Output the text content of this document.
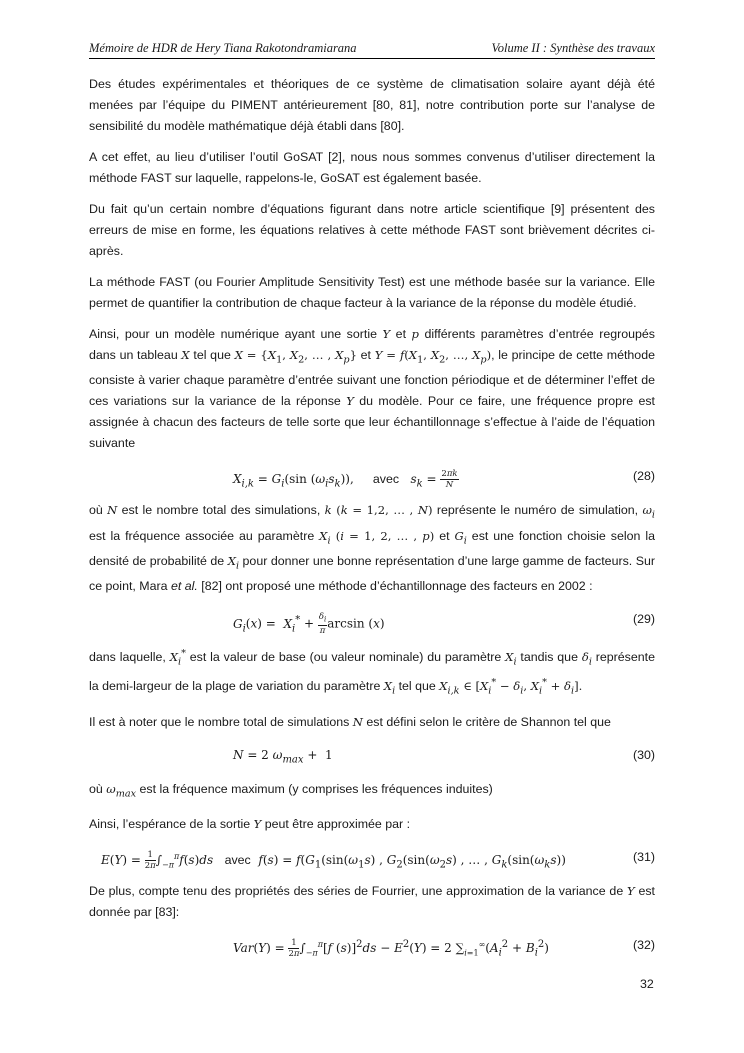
Mémoire de HDR de Hery Tiana Rakotondramiarana	Volume II : Synthèse des travaux

Des études expérimentales et théoriques de ce système de climatisation solaire ayant déjà été menées par l’équipe du PIMENT antérieurement [80, 81], notre contribution porte sur l’analyse de sensibilité du modèle mathématique déjà établi dans [80].

A cet effet, au lieu d’utiliser l’outil GoSAT [2], nous nous sommes convenus d’utiliser directement la méthode FAST sur laquelle, rappelons-le, GoSAT est également basée.

Du fait qu’un certain nombre d’équations figurant dans notre article scientifique [9] présentent des erreurs de mise en forme, les équations relatives à cette méthode FAST sont brièvement décrites ci-après.

La méthode FAST (ou Fourier Amplitude Sensitivity Test) est une méthode basée sur la variance. Elle permet de quantifier la contribution de chaque facteur à la variance de la réponse du modèle étudié.

Ainsi, pour un modèle numérique ayant une sortie Y et p différents paramètres d’entrée regroupés dans un tableau X tel que $X = \{X_1$, $X_2$, … , $X_p$} et $Y = f(X_1$, $X_2$, …, $X_p$), le principe de cette méthode consiste à varier chaque paramètre d’entrée suivant une fonction périodique et de déterminer l’effet de ces variations sur la variance de la réponse Y du modèle. Pour ce faire, une fréquence propre est assignée à chacun des facteurs de telle sorte que leur échantillonnage s’effectue à l’aide de l’équation suivante

$X_{i,k} = G_i(\sin$ $(\omega_is_k)$),     avec $s_k = \frac{2\pi k}{N}$	(28)

où N est le nombre total des simulations, k (k = 1,2, … , N) représente le numéro de simulation, $\omega_i$ est la fréquence associée au paramètre $X_i$ (i = 1, 2, … , p) et $G_i$ est une fonction choisie selon la densité de probabilité de $X_i$ pour donner une bonne représentation d’une large gamme de facteurs. Sur ce point, Mara et al. [82] ont proposé une méthode d’échantillonnage des facteurs en 2002 :

$G_i(x) = X_i^* + \frac{\delta_i}{\pi}$ arcsin (x)	(29)

dans laquelle, $X_i^*$ est la valeur de base (ou valeur nominale) du paramètre $X_i$ tandis que $\delta_i$ représente la demi-largeur de la plage de variation du paramètre $X_i$ tel que $X_{i,k}$ ∈ [$X_i^* - \delta_i$, $X_i^* + \delta_i$].

Il est à noter que le nombre total de simulations N est défini selon le critère de Shannon tel que

N = 2 $\omega_{max} + 1$	(30)

où $\omega_{max}$ est la fréquence maximum (y comprises les fréquences induites)

Ainsi, l’espérance de la sortie Y peut être approximée par :

$E(Y) = \frac{1}{2\pi} \int_{-\pi}^\pi f(s)ds$ avec $f(s) = f(G_1(\sin(\omega_1s)$ , $G_2(\sin(\omega_2s)$ , … , $G_k(\sin(\omega_ks))$	(31)

De plus, compte tenu des propriétés des séries de Fourrier, une approximation de la variance de Y est donnée par [83]:

$Var(Y) = \frac{1}{2\pi} \int_{-\pi}^\pi[f$ $(s)]^2ds - E^2(Y) = 2$ $\sum_{i=1}^\infty(A_i^2 + B_i^2)$	(32)
32
